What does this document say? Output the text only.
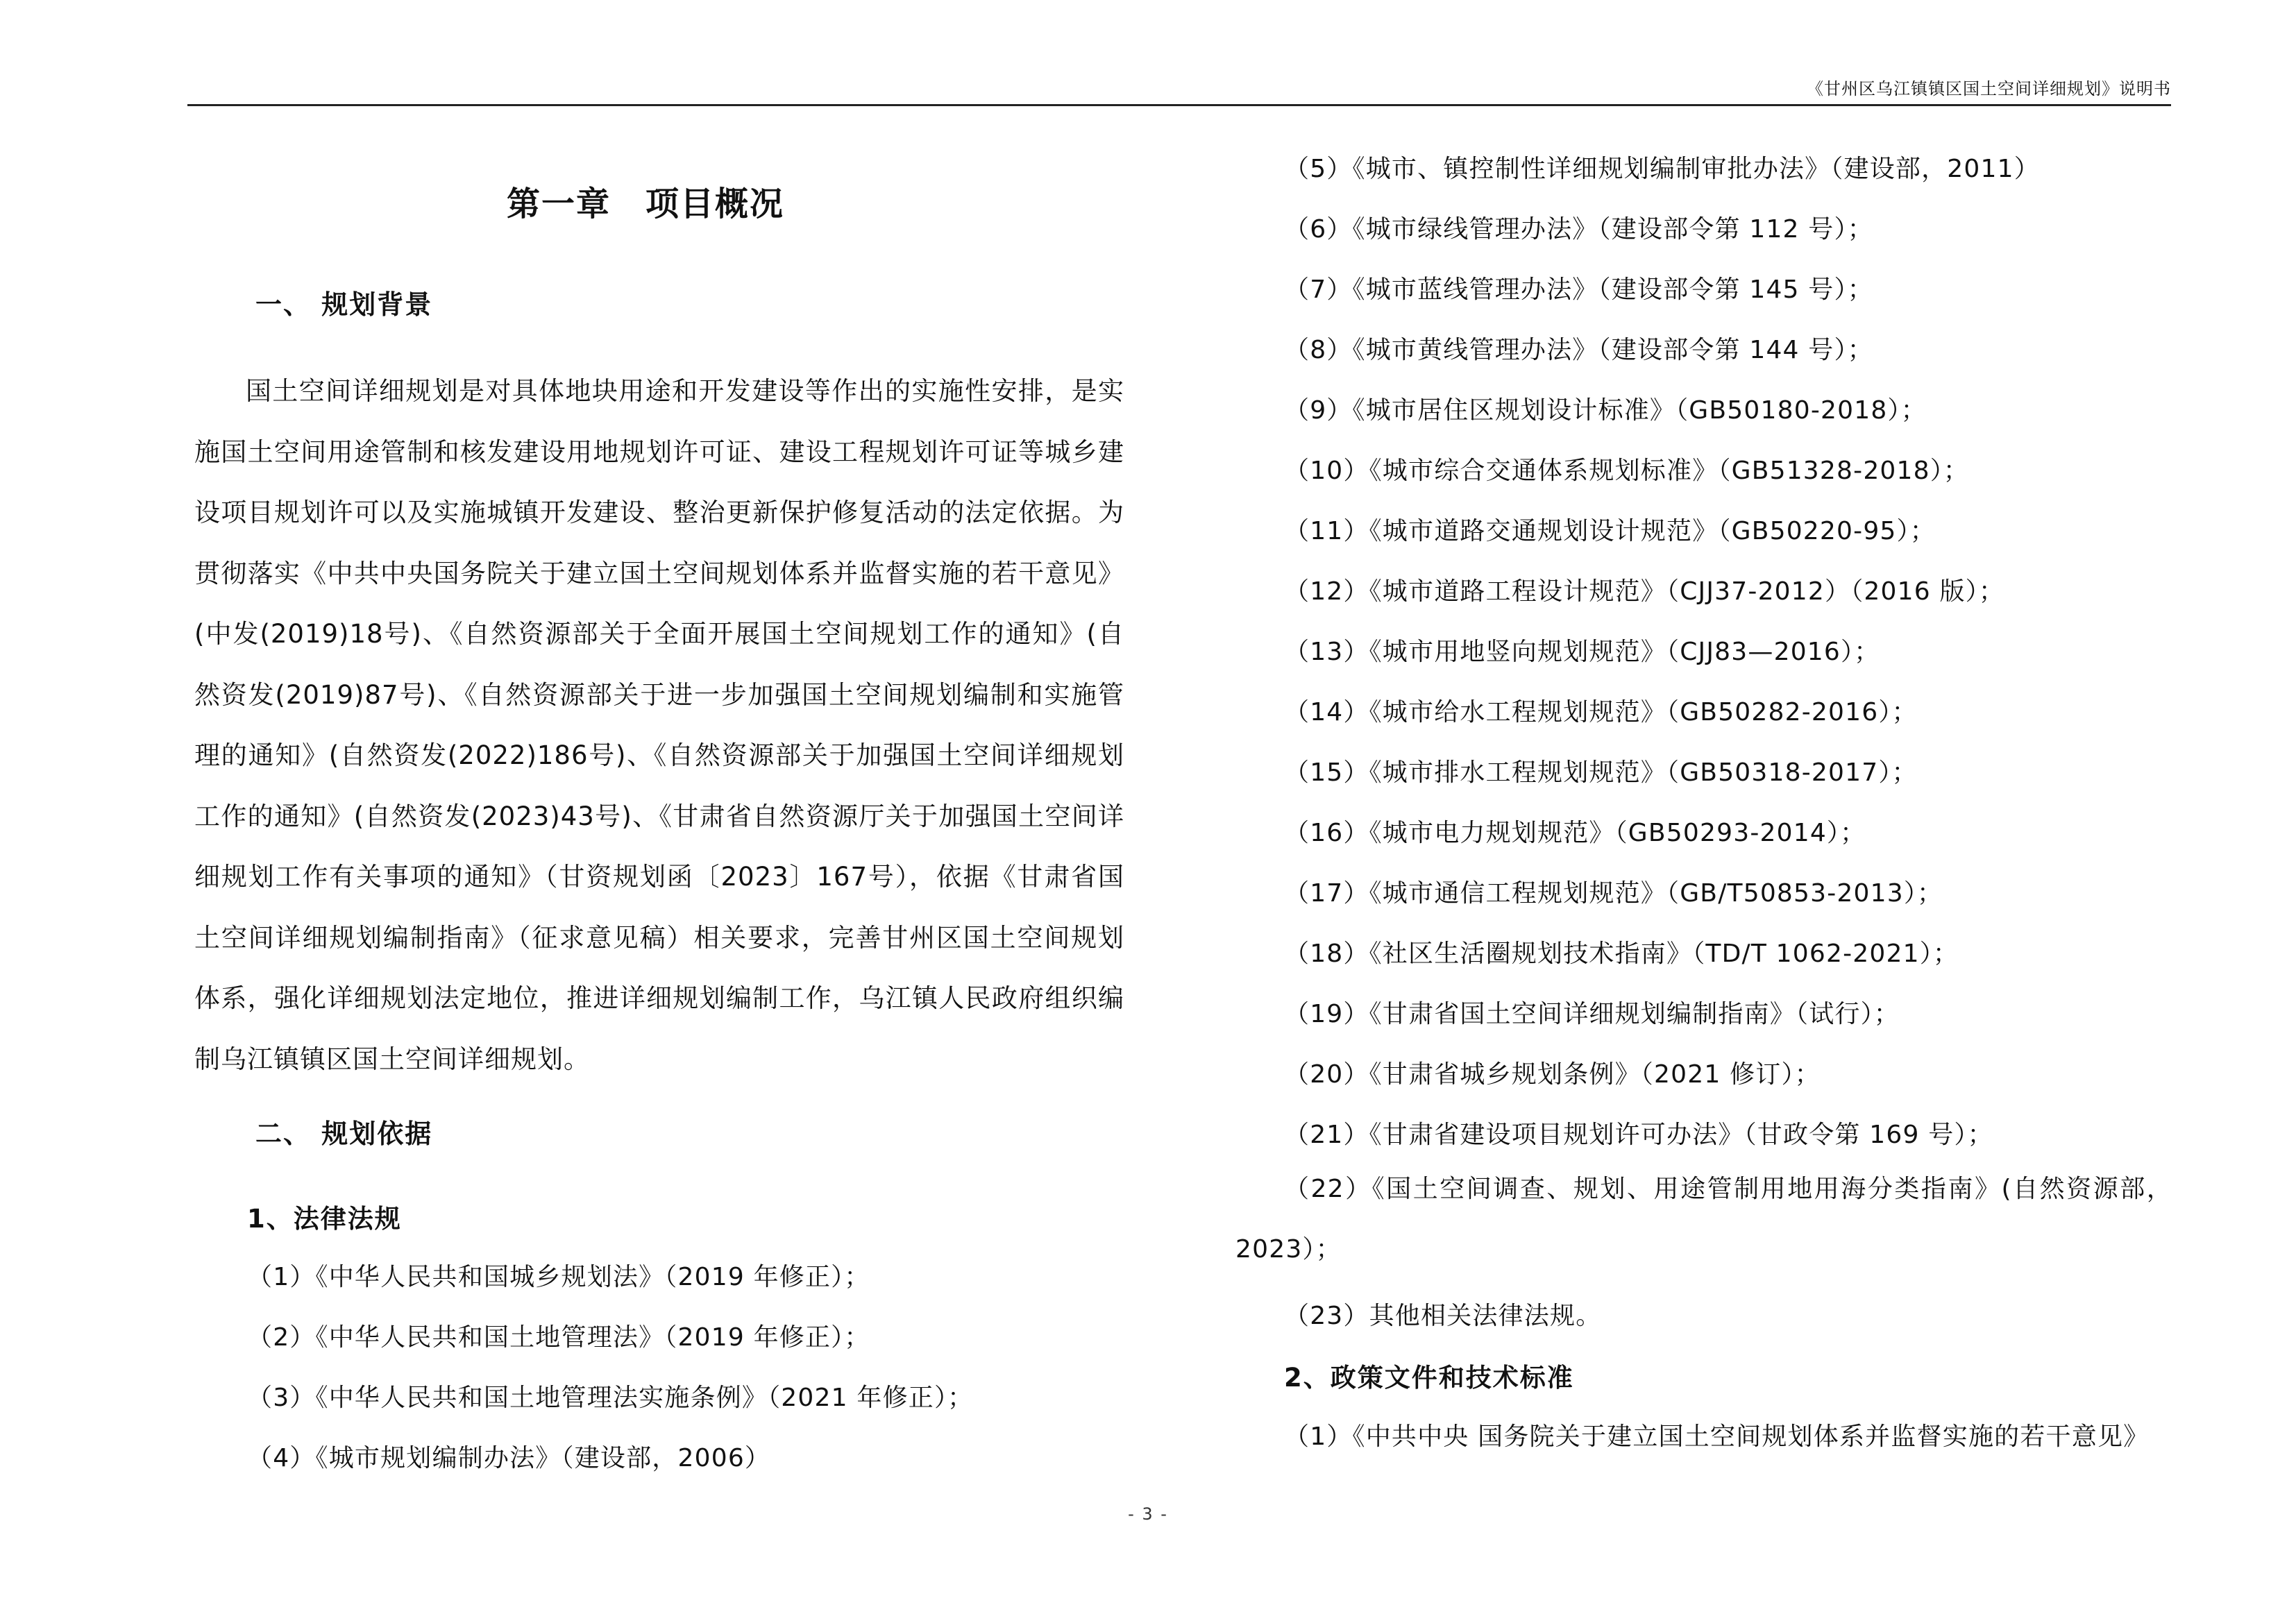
《甘州区乌江镇镇区国土空间详细规划》说明书
第一章　项目概况
一、 规划背景
国土空间详细规划是对具体地块用途和开发建设等作出的实施性安排，是实施国土空间用途管制和核发建设用地规划许可证、建设工程规划许可证等城乡建设项目规划许可以及实施城镇开发建设、整治更新保护修复活动的法定依据。为贯彻落实《中共中央国务院关于建立国土空间规划体系并监督实施的若干意见》(中发(2019)18号)、《自然资源部关于全面开展国土空间规划工作的通知》(自然资发(2019)87号)、《自然资源部关于进一步加强国土空间规划编制和实施管理的通知》(自然资发(2022)186号)、《自然资源部关于加强国土空间详细规划工作的通知》(自然资发(2023)43号)、《甘肃省自然资源厅关于加强国土空间详细规划工作有关事项的通知》（甘资规划函〔2023〕167号），依据《甘肃省国土空间详细规划编制指南》（征求意见稿）相关要求，完善甘州区国土空间规划体系，强化详细规划法定地位，推进详细规划编制工作，乌江镇人民政府组织编制乌江镇镇区国土空间详细规划。
二、 规划依据
1、法律法规
（1）《中华人民共和国城乡规划法》（2019 年修正）；
（2）《中华人民共和国土地管理法》（2019 年修正）；
（3）《中华人民共和国土地管理法实施条例》（2021 年修正）；
（4）《城市规划编制办法》（建设部，2006）
（5）《城市、镇控制性详细规划编制审批办法》（建设部，2011）
（6）《城市绿线管理办法》（建设部令第 112 号）；
（7）《城市蓝线管理办法》（建设部令第 145 号）；
（8）《城市黄线管理办法》（建设部令第 144 号）；
（9）《城市居住区规划设计标准》（GB50180-2018）；
（10）《城市综合交通体系规划标准》（GB51328-2018）；
（11）《城市道路交通规划设计规范》（GB50220-95）；
（12）《城市道路工程设计规范》（CJJ37-2012）（2016 版）；
（13）《城市用地竖向规划规范》（CJJ83—2016）；
（14）《城市给水工程规划规范》（GB50282-2016）；
（15）《城市排水工程规划规范》（GB50318-2017）；
（16）《城市电力规划规范》（GB50293-2014）；
（17）《城市通信工程规划规范》（GB/T50853-2013）；
（18）《社区生活圈规划技术指南》（TD/T 1062-2021）；
（19）《甘肃省国土空间详细规划编制指南》（试行）；
（20）《甘肃省城乡规划条例》（2021 修订）；
（21）《甘肃省建设项目规划许可办法》（甘政令第 169 号）；
（22）《国土空间调查、规划、用途管制用地用海分类指南》(自然资源部，2023）；
（23）其他相关法律法规。
2、政策文件和技术标准
（1）《中共中央 国务院关于建立国土空间规划体系并监督实施的若干意见》
- 3 -
